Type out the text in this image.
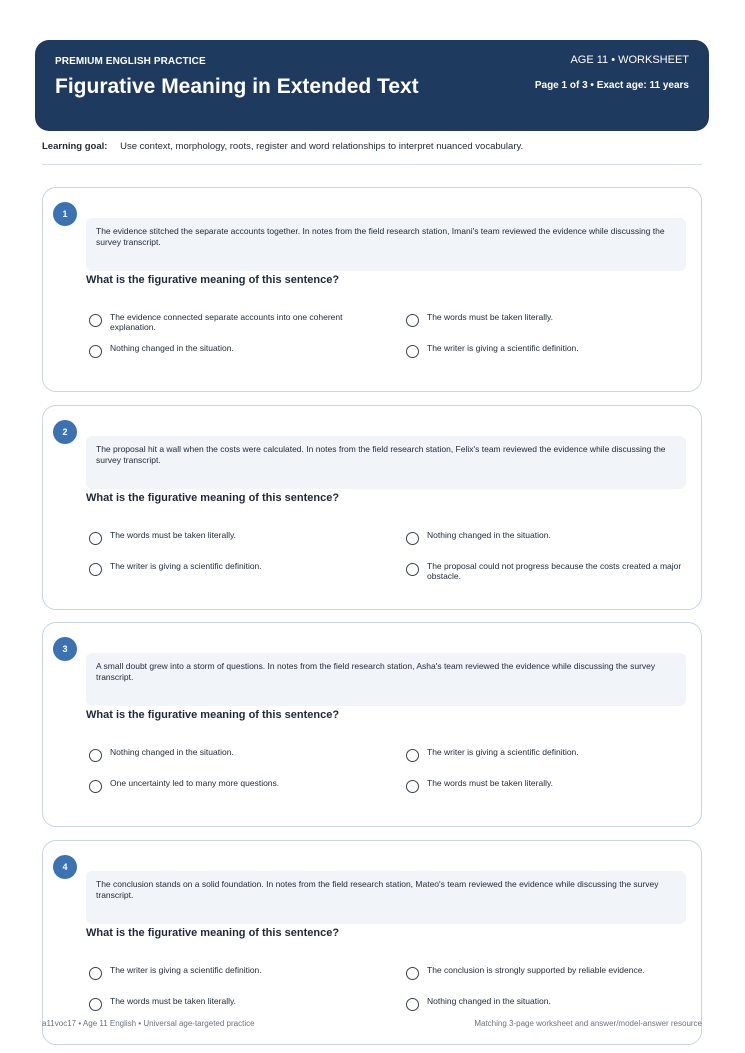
PREMIUM ENGLISH PRACTICE
Figurative Meaning in Extended Text
AGE 11 • WORKSHEET
Page 1 of 3 • Exact age: 11 years
Learning goal: Use context, morphology, roots, register and word relationships to interpret nuanced vocabulary.
1
The evidence stitched the separate accounts together. In notes from the field research station, Imani's team reviewed the evidence while discussing the survey transcript.
What is the figurative meaning of this sentence?
The evidence connected separate accounts into one coherent explanation.
The words must be taken literally.
Nothing changed in the situation.	The writer is giving a scientific definition.
2
The proposal hit a wall when the costs were calculated. In notes from the field research station, Felix's team reviewed the evidence while discussing the survey transcript.
What is the figurative meaning of this sentence?
The words must be taken literally.	Nothing changed in the situation.
The writer is giving a scientific definition.	The proposal could not progress because the costs created a major obstacle.
3
A small doubt grew into a storm of questions. In notes from the field research station, Asha's team reviewed the evidence while discussing the survey transcript.
What is the figurative meaning of this sentence?
Nothing changed in the situation.	The writer is giving a scientific definition.
One uncertainty led to many more questions.	The words must be taken literally.
4
The conclusion stands on a solid foundation. In notes from the field research station, Mateo's team reviewed the evidence while discussing the survey transcript.
What is the figurative meaning of this sentence?
The writer is giving a scientific definition.	The conclusion is strongly supported by reliable evidence.
The words must be taken literally.	Nothing changed in the situation.
a11voc17 • Age 11 English • Universal age-targeted practice	Matching 3-page worksheet and answer/model-answer resource
